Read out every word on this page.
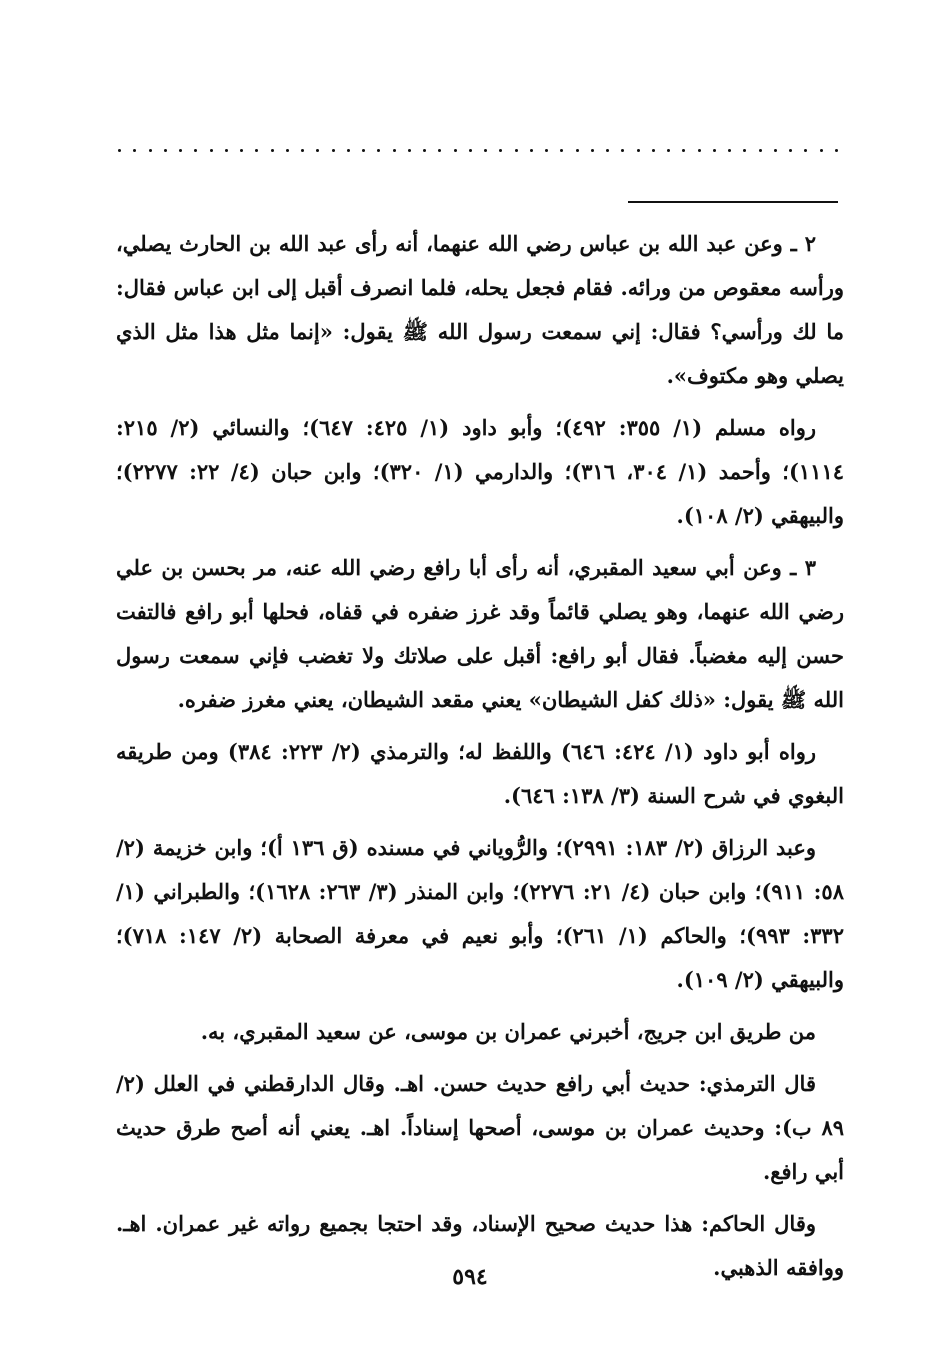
٢ ـ وعن عبد الله بن عباس رضي الله عنهما، أنه رأى عبد الله بن الحارث يصلي، ورأسه معقوص من ورائه. فقام فجعل يحله، فلما انصرف أقبل إلى ابن عباس فقال: ما لك ورأسي؟ فقال: إني سمعت رسول الله ﷺ يقول: «إنما مثل هذا مثل الذي يصلي وهو مكتوف».

رواه مسلم (١/ ٣٥٥: ٤٩٢)؛ وأبو داود (١/ ٤٢٥: ٦٤٧)؛ والنسائي (٢/ ٢١٥: ١١١٤)؛ وأحمد (١/ ٣٠٤، ٣١٦)؛ والدارمي (١/ ٣٢٠)؛ وابن حبان (٤/ ٢٢: ٢٢٧٧)؛ والبيهقي (٢/ ١٠٨).

٣ ـ وعن أبي سعيد المقبري، أنه رأى أبا رافع رضي الله عنه، مر بحسن بن علي رضي الله عنهما، وهو يصلي قائماً وقد غرز ضفره في قفاه، فحلها أبو رافع فالتفت حسن إليه مغضباً. فقال أبو رافع: أقبل على صلاتك ولا تغضب فإني سمعت رسول الله ﷺ يقول: «ذلك كفل الشيطان» يعني مقعد الشيطان، يعني مغرز ضفره.

رواه أبو داود (١/ ٤٢٤: ٦٤٦) واللفظ له؛ والترمذي (٢/ ٢٢٣: ٣٨٤) ومن طريقه البغوي في شرح السنة (٣/ ١٣٨: ٦٤٦).

وعبد الرزاق (٢/ ١٨٣: ٢٩٩١)؛ والرُّوياني في مسنده (ق ١٣٦ أ)؛ وابن خزيمة (٢/ ٥٨: ٩١١)؛ وابن حبان (٤/ ٢١: ٢٢٧٦)؛ وابن المنذر (٣/ ٢٦٣: ١٦٢٨)؛ والطبراني (١/ ٣٣٢: ٩٩٣)؛ والحاكم (١/ ٢٦١)؛ وأبو نعيم في معرفة الصحابة (٢/ ١٤٧: ٧١٨)؛ والبيهقي (٢/ ١٠٩).

من طريق ابن جريج، أخبرني عمران بن موسى، عن سعيد المقبري، به.

قال الترمذي: حديث أبي رافع حديث حسن. اهـ. وقال الدارقطني في العلل (٢/ ٨٩ ب): وحديث عمران بن موسى، أصحها إسناداً. اهـ. يعني أنه أصح طرق حديث أبي رافع.

وقال الحاكم: هذا حديث صحيح الإسناد، وقد احتجا بجميع رواته غير عمران. اهـ. ووافقه الذهبي.

٥٩٤
